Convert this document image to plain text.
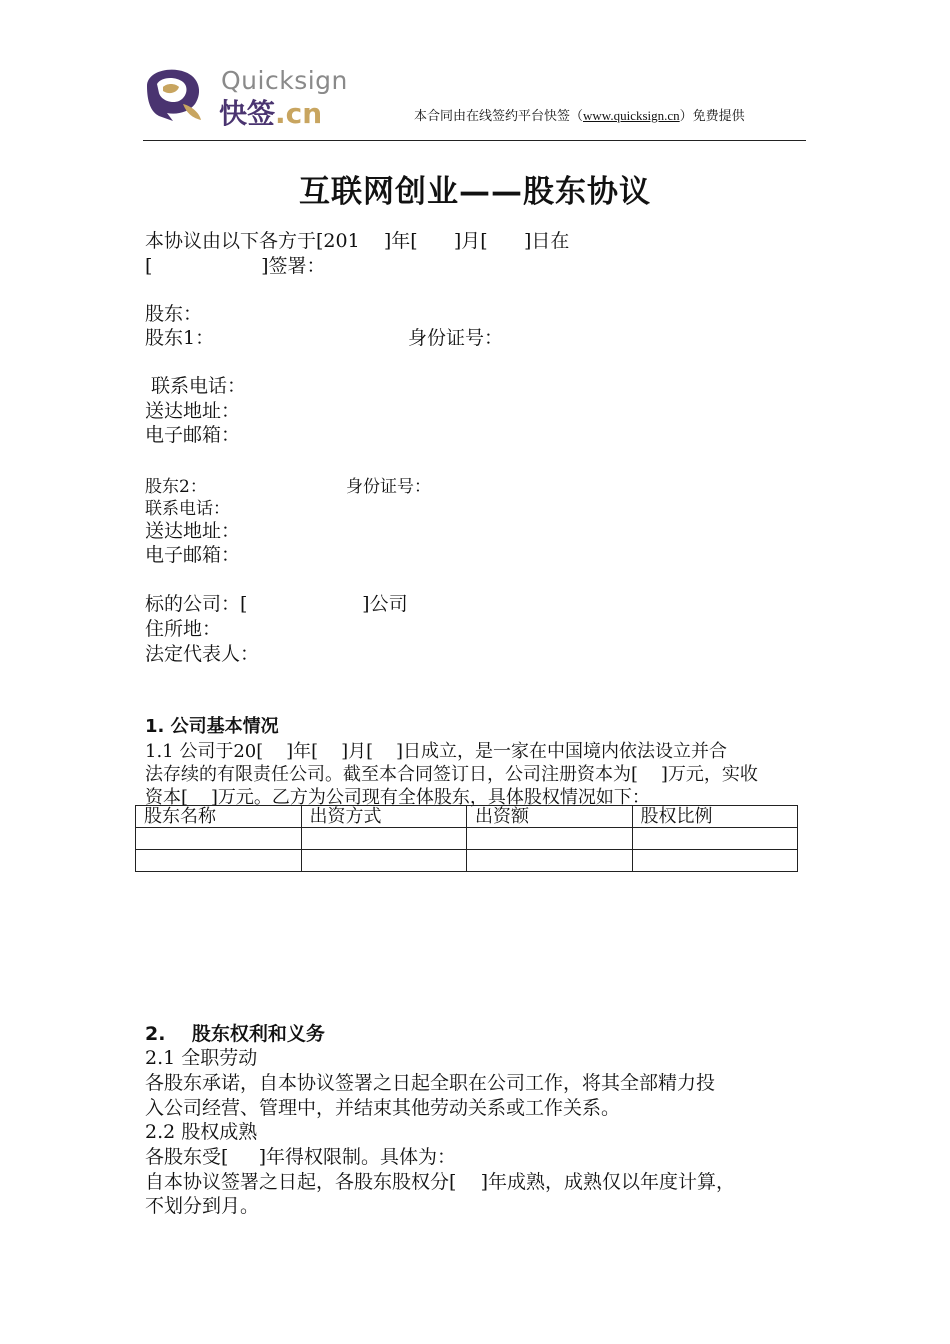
Quicksign
快签.cn	本合同由在线签约平台快签（www.quicksign.cn）免费提供
互联网创业——股东协议
本协议由以下各方于[201    ]年[      ]月[      ]日在
[                  ]签署：
股东：
股东1：	身份证号：
联系电话：
送达地址：
电子邮箱：
股东2：	身份证号：
联系电话：
送达地址：
电子邮箱：
标的公司：[                   ]公司
住所地：
法定代表人：
1. 公司基本情况
1.1 公司于20[    ]年[    ]月[    ]日成立，是一家在中国境内依法设立并合
法存续的有限责任公司。截至本合同签订日，公司注册资本为[    ]万元，实收
资本[    ]万元。乙方为公司现有全体股东，具体股权情况如下：
股东名称	出资方式	出资额	股权比例

2.    股东权利和义务
2.1 全职劳动
各股东承诺，自本协议签署之日起全职在公司工作，将其全部精力投
入公司经营、管理中，并结束其他劳动关系或工作关系。
2.2 股权成熟
各股东受[     ]年得权限制。具体为：
自本协议签署之日起，各股东股权分[    ]年成熟，成熟仅以年度计算，
不划分到月。
